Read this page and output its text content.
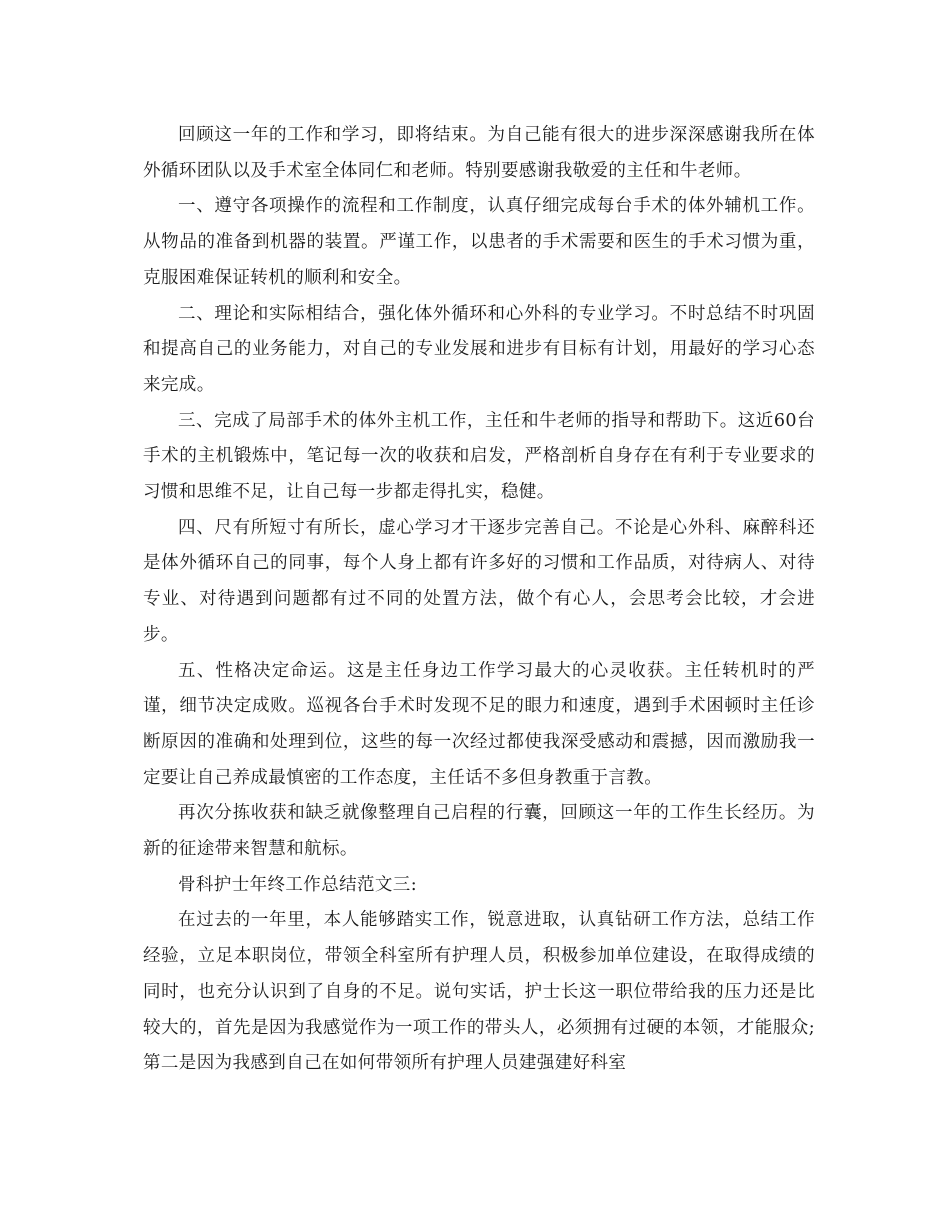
回顾这一年的工作和学习，即将结束。为自己能有很大的进步深深感谢我所在体外循环团队以及手术室全体同仁和老师。特别要感谢我敬爱的主任和牛老师。

一、遵守各项操作的流程和工作制度，认真仔细完成每台手术的体外辅机工作。从物品的准备到机器的装置。严谨工作，以患者的手术需要和医生的手术习惯为重，克服困难保证转机的顺利和安全。

二、理论和实际相结合，强化体外循环和心外科的专业学习。不时总结不时巩固和提高自己的业务能力，对自己的专业发展和进步有目标有计划，用最好的学习心态来完成。

三、完成了局部手术的体外主机工作，主任和牛老师的指导和帮助下。这近60台手术的主机锻炼中，笔记每一次的收获和启发，严格剖析自身存在有利于专业要求的习惯和思维不足，让自己每一步都走得扎实，稳健。

四、尺有所短寸有所长，虚心学习才干逐步完善自己。不论是心外科、麻醉科还是体外循环自己的同事，每个人身上都有许多好的习惯和工作品质，对待病人、对待专业、对待遇到问题都有过不同的处置方法，做个有心人，会思考会比较，才会进步。

五、性格决定命运。这是主任身边工作学习最大的心灵收获。主任转机时的严谨，细节决定成败。巡视各台手术时发现不足的眼力和速度，遇到手术困顿时主任诊断原因的准确和处理到位，这些的每一次经过都使我深受感动和震撼，因而激励我一定要让自己养成最慎密的工作态度，主任话不多但身教重于言教。

再次分拣收获和缺乏就像整理自己启程的行囊，回顾这一年的工作生长经历。为新的征途带来智慧和航标。

骨科护士年终工作总结范文三:

在过去的一年里，本人能够踏实工作，锐意进取，认真钻研工作方法，总结工作经验，立足本职岗位，带领全科室所有护理人员，积极参加单位建设，在取得成绩的同时，也充分认识到了自身的不足。说句实话，护士长这一职位带给我的压力还是比较大的，首先是因为我感觉作为一项工作的带头人，必须拥有过硬的本领，才能服众;第二是因为我感到自己在如何带领所有护理人员建强建好科室
